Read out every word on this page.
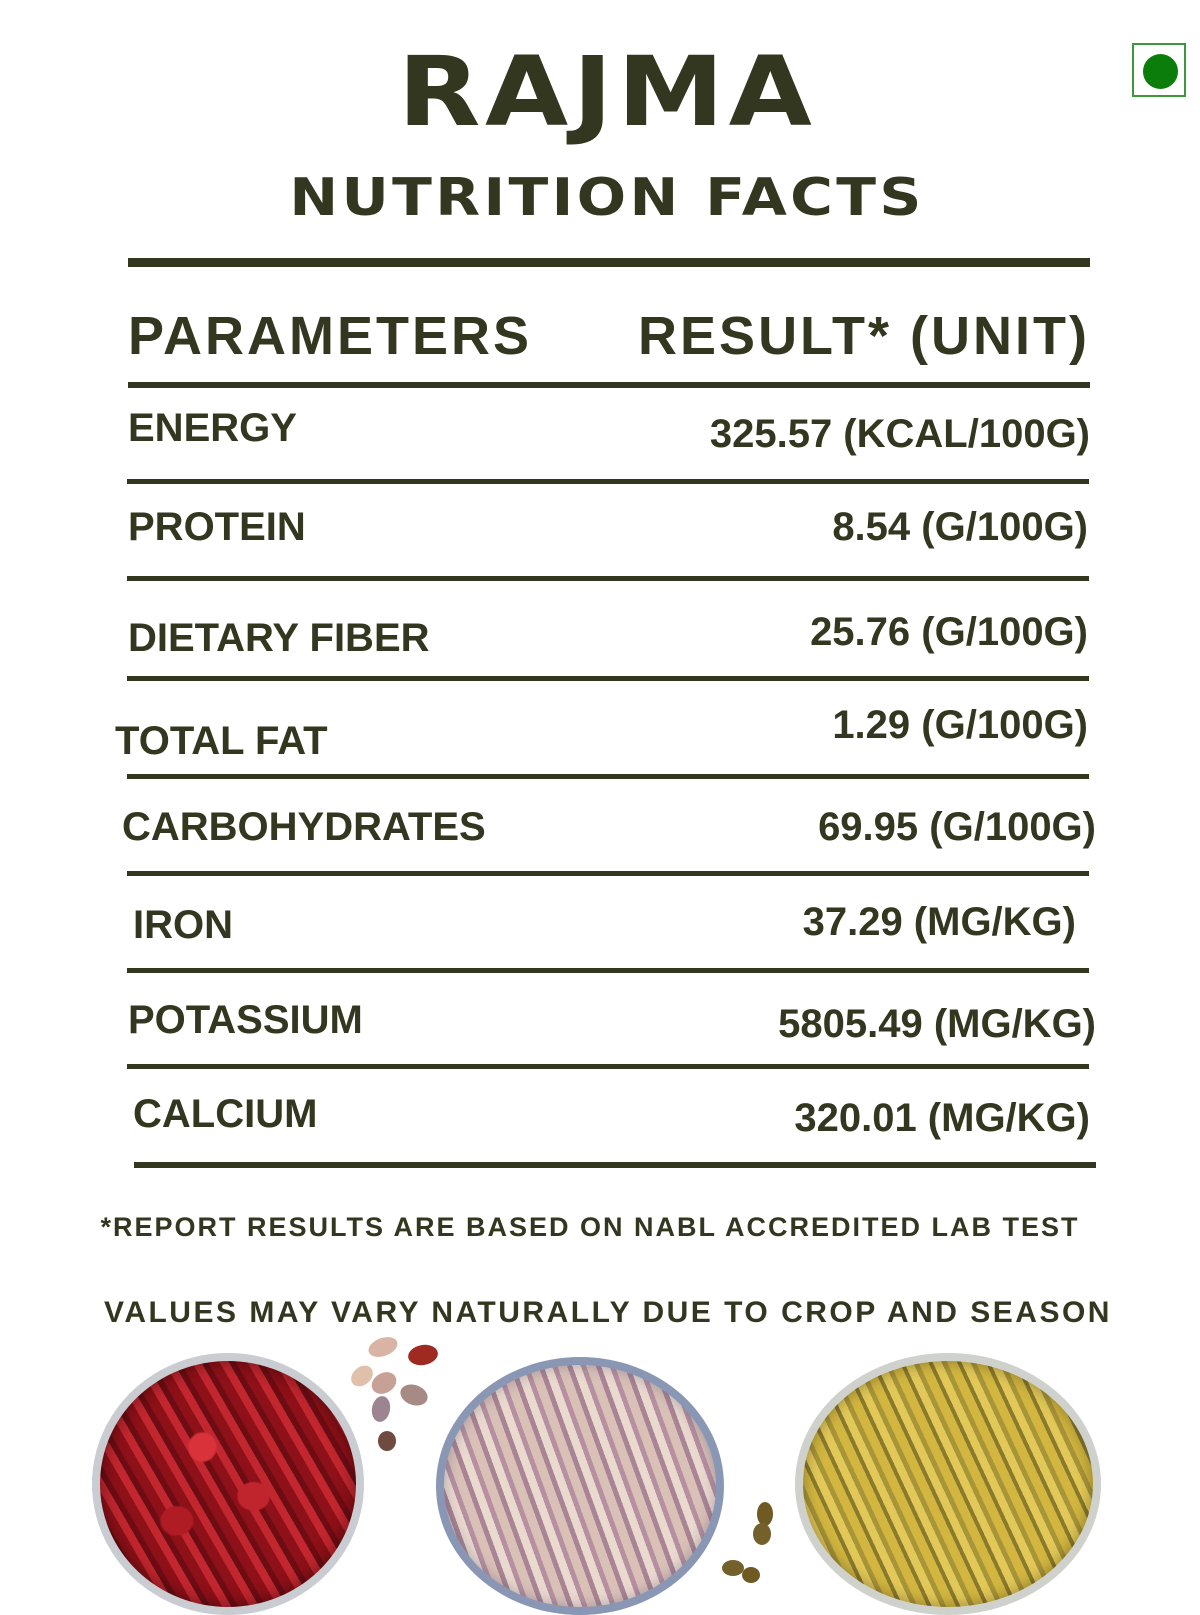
RAJMA
NUTRITION FACTS
PARAMETERS RESULT* (UNIT)
ENERGY	325.57 (KCAL/100G)
PROTEIN	8.54 (G/100G)
DIETARY FIBER	25.76 (G/100G)
TOTAL FAT	1.29 (G/100G)
CARBOHYDRATES	69.95 (G/100G)
IRON	37.29 (MG/KG)
POTASSIUM	5805.49 (MG/KG)
CALCIUM	320.01 (MG/KG)
*REPORT RESULTS ARE BASED ON NABL ACCREDITED LAB TEST
VALUES MAY VARY NATURALLY DUE TO CROP AND SEASON
